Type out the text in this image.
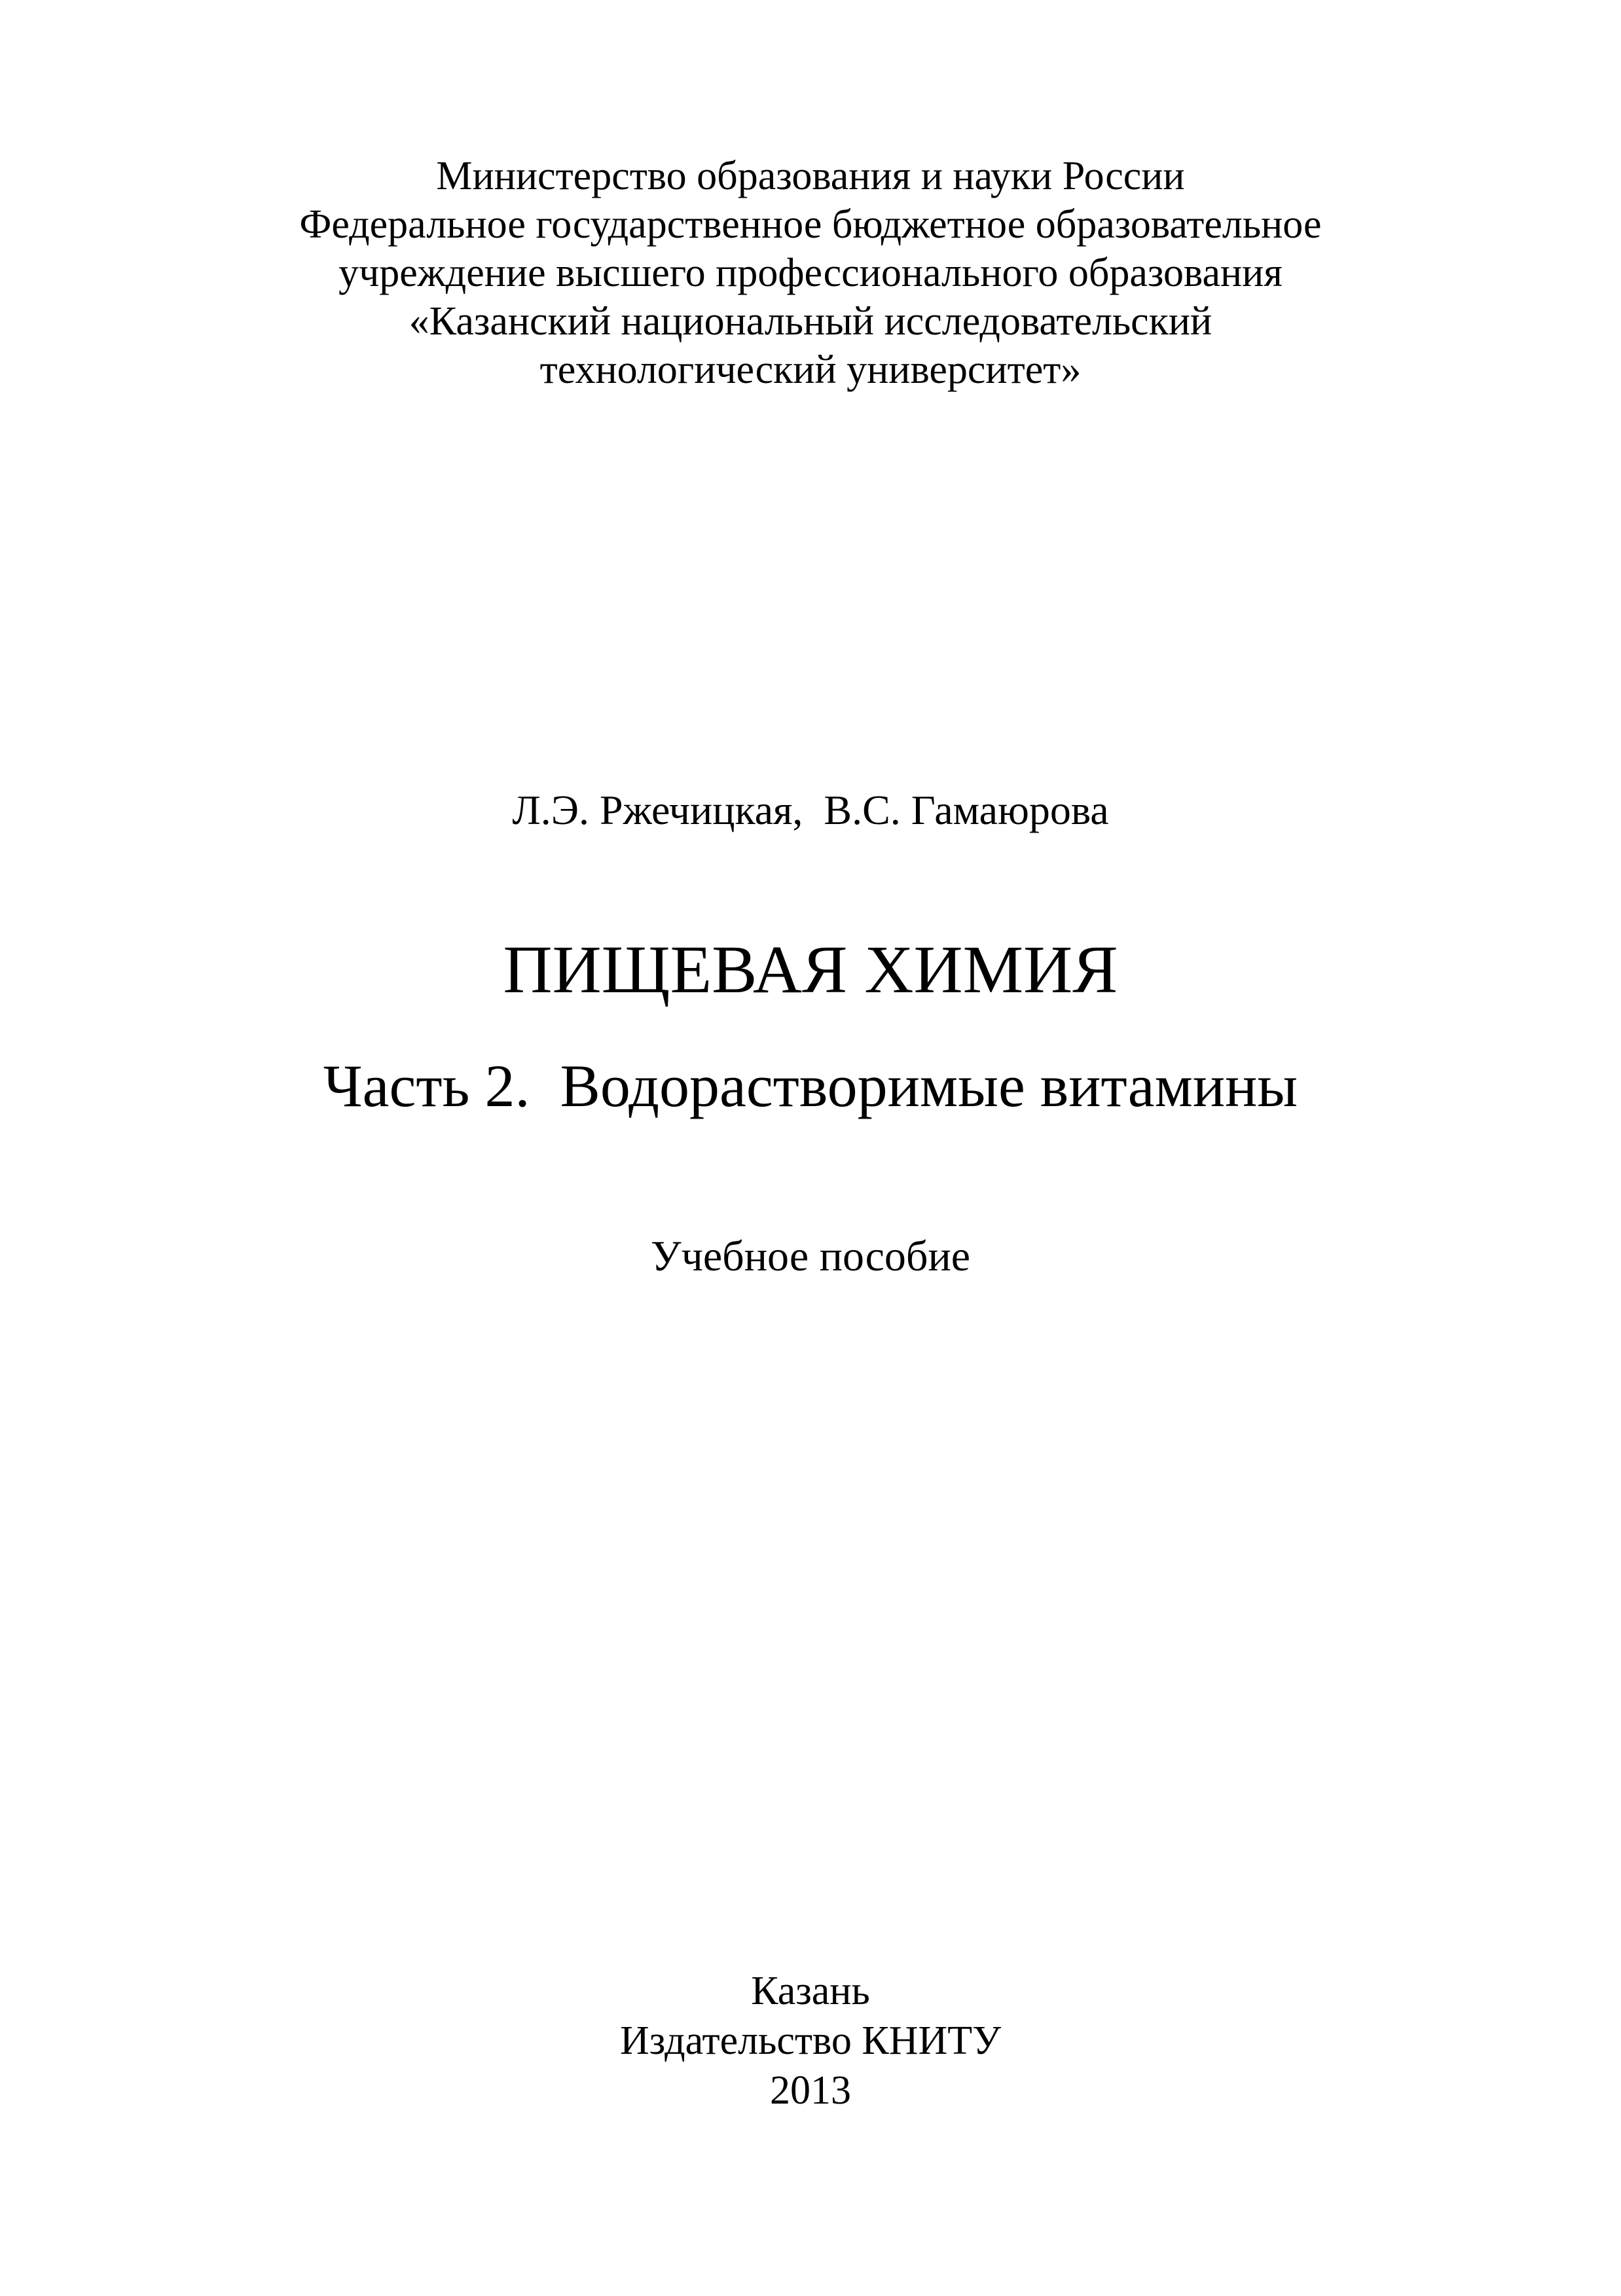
Министерство образования и науки России
Федеральное государственное бюджетное образовательное
учреждение высшего профессионального образования
«Казанский национальный исследовательский
технологический университет»
Л.Э. Ржечицкая,  В.С. Гамаюрова
ПИЩЕВАЯ ХИМИЯ
Часть 2.  Водорастворимые витамины
Учебное пособие
Казань
Издательство КНИТУ
2013
